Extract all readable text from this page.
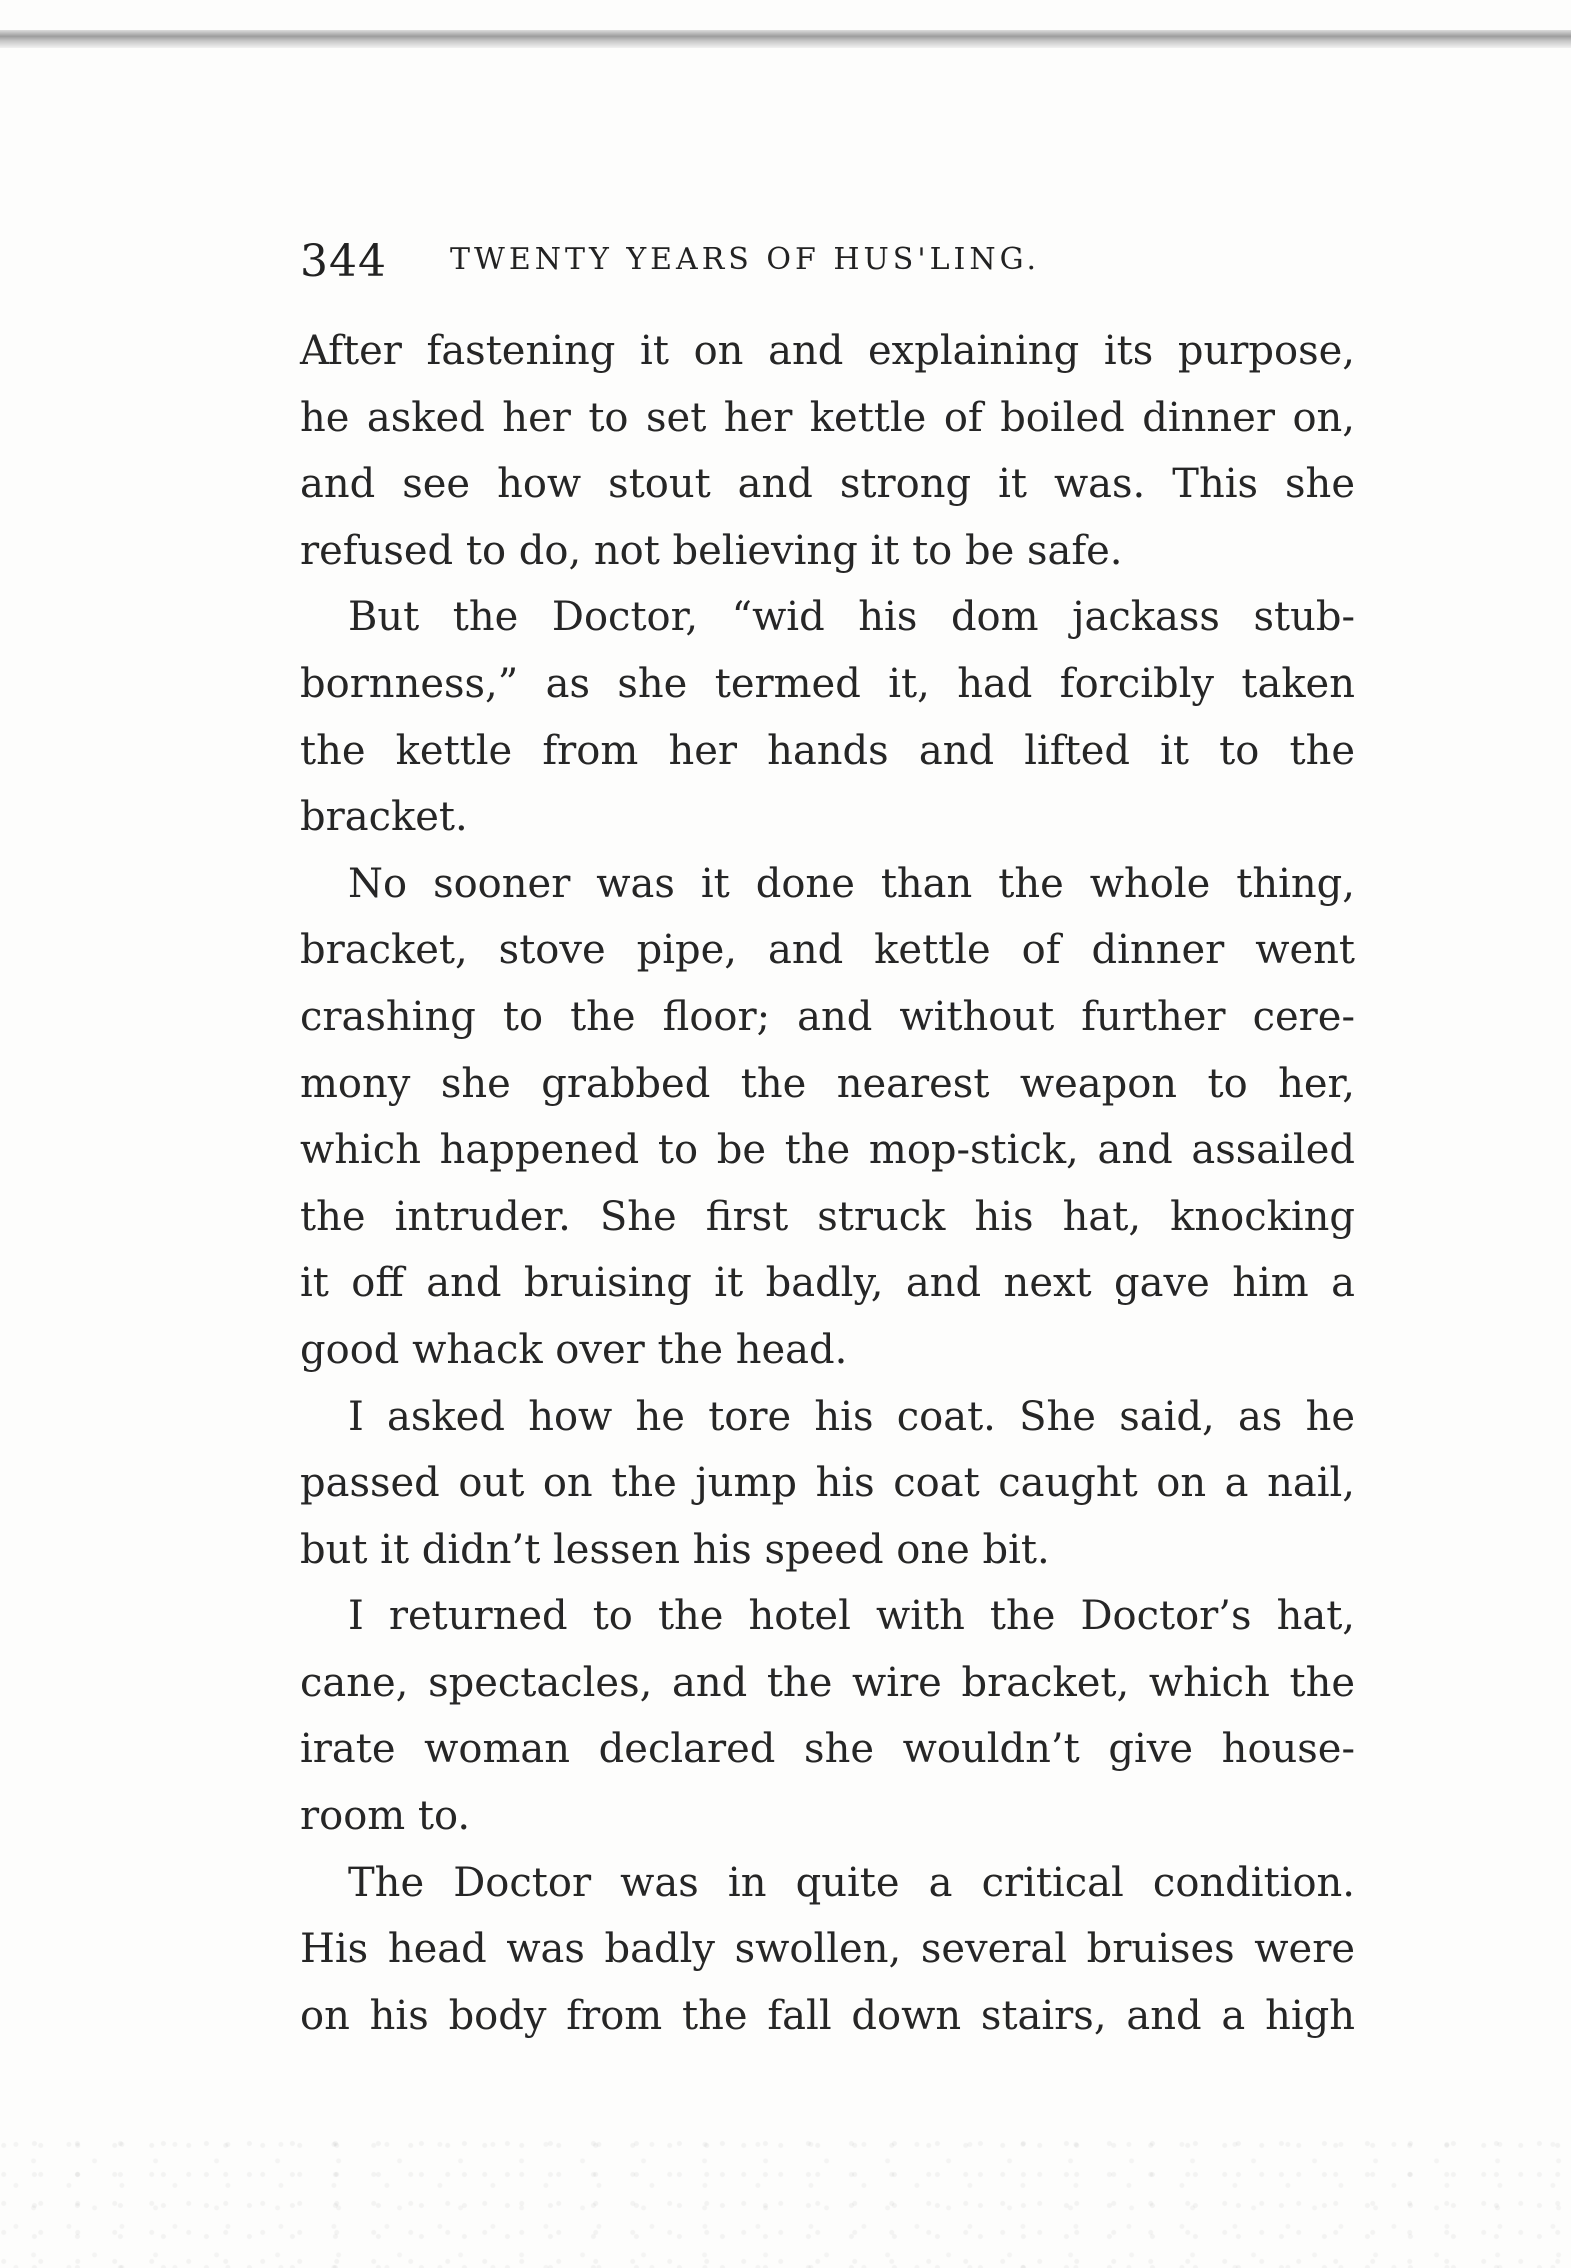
344 TWENTY YEARS OF HUS'LING.

After fastening it on and explaining its purpose,
he asked her to set her kettle of boiled dinner on,
and see how stout and strong it was. This she
refused to do, not believing it to be safe.

But the Doctor, “wid his dom jackass stub-
bornness,” as she termed it, had forcibly taken
the kettle from her hands and lifted it to the
bracket.

No sooner was it done than the whole thing,
bracket, stove pipe, and kettle of dinner went
crashing to the floor; and without further cere-
mony she grabbed the nearest weapon to her,
which happened to be the mop-stick, and assailed
the intruder. She first struck his hat, knocking
it off and bruising it badly, and next gave him a
good whack over the head.

I asked how he tore his coat. She said, as he
passed out on the jump his coat caught on a nail,
but it didn’t lessen his speed one bit.

I returned to the hotel with the Doctor’s hat,
cane, spectacles, and the wire bracket, which the
irate woman declared she wouldn’t give house-
room to.

The Doctor was in quite a critical condition.
His head was badly swollen, several bruises were
on his body from the fall down stairs, and a high
